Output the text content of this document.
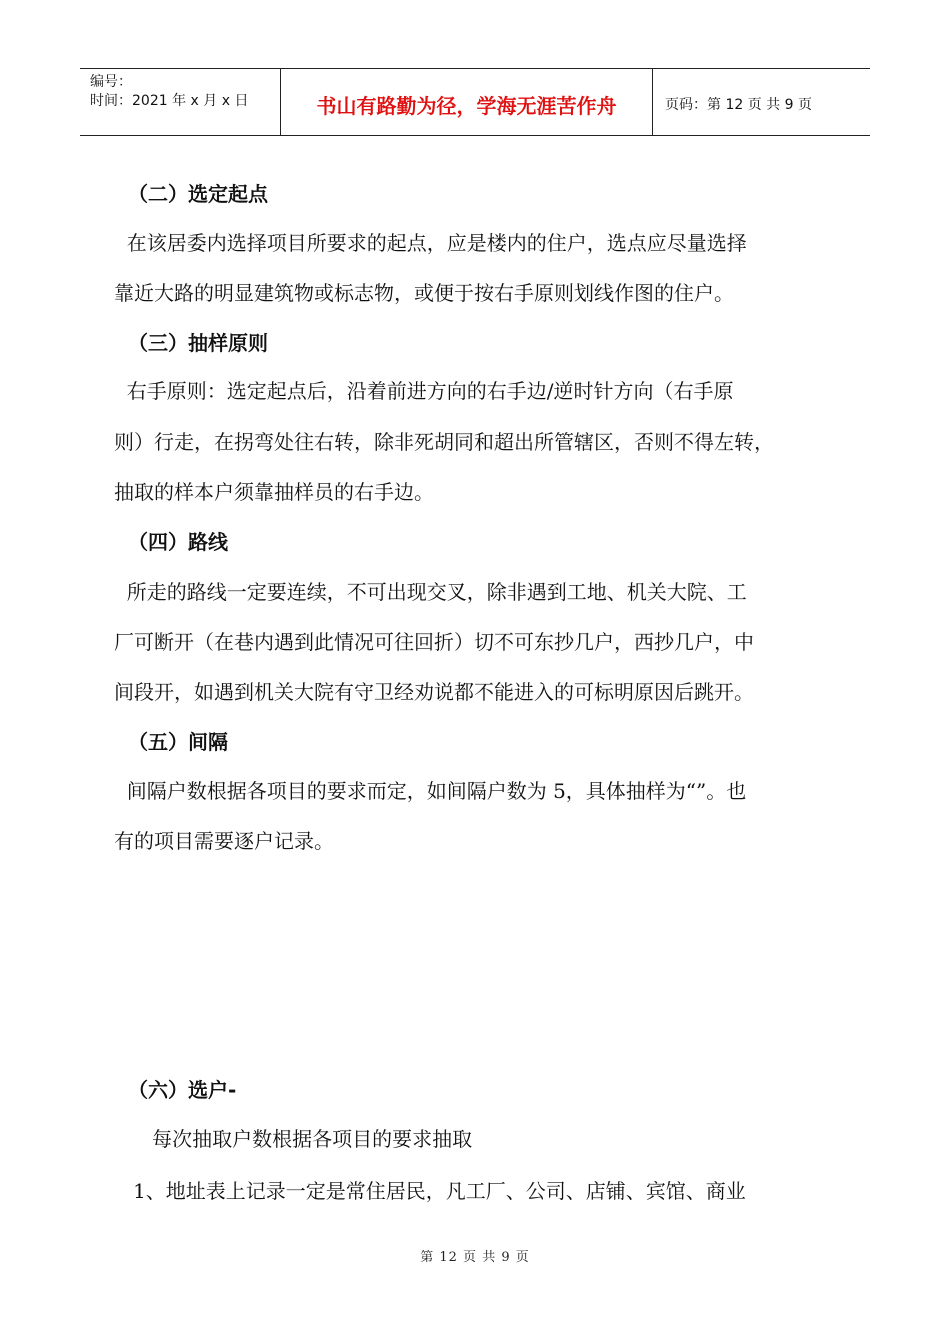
编号：
时间：2021 年 x 月 x 日	书山有路勤为径，学海无涯苦作舟	页码：第 12 页 共 9 页
（二）选定起点
在该居委内选择项目所要求的起点，应是楼内的住户，选点应尽量选择
靠近大路的明显建筑物或标志物，或便于按右手原则划线作图的住户。
（三）抽样原则
右手原则：选定起点后，沿着前进方向的右手边/逆时针方向（右手原
则）行走，在拐弯处往右转，除非死胡同和超出所管辖区，否则不得左转，
抽取的样本户须靠抽样员的右手边。
（四）路线
所走的路线一定要连续，不可出现交叉，除非遇到工地、机关大院、工
厂可断开（在巷内遇到此情况可往回折）切不可东抄几户，西抄几户，中
间段开，如遇到机关大院有守卫经劝说都不能进入的可标明原因后跳开。
（五）间隔
间隔户数根据各项目的要求而定，如间隔户数为 5，具体抽样为“”。也
有的项目需要逐户记录。
（六）选户-
每次抽取户数根据各项目的要求抽取
1、地址表上记录一定是常住居民，凡工厂、公司、店铺、宾馆、商业
第 12 页 共 9 页
